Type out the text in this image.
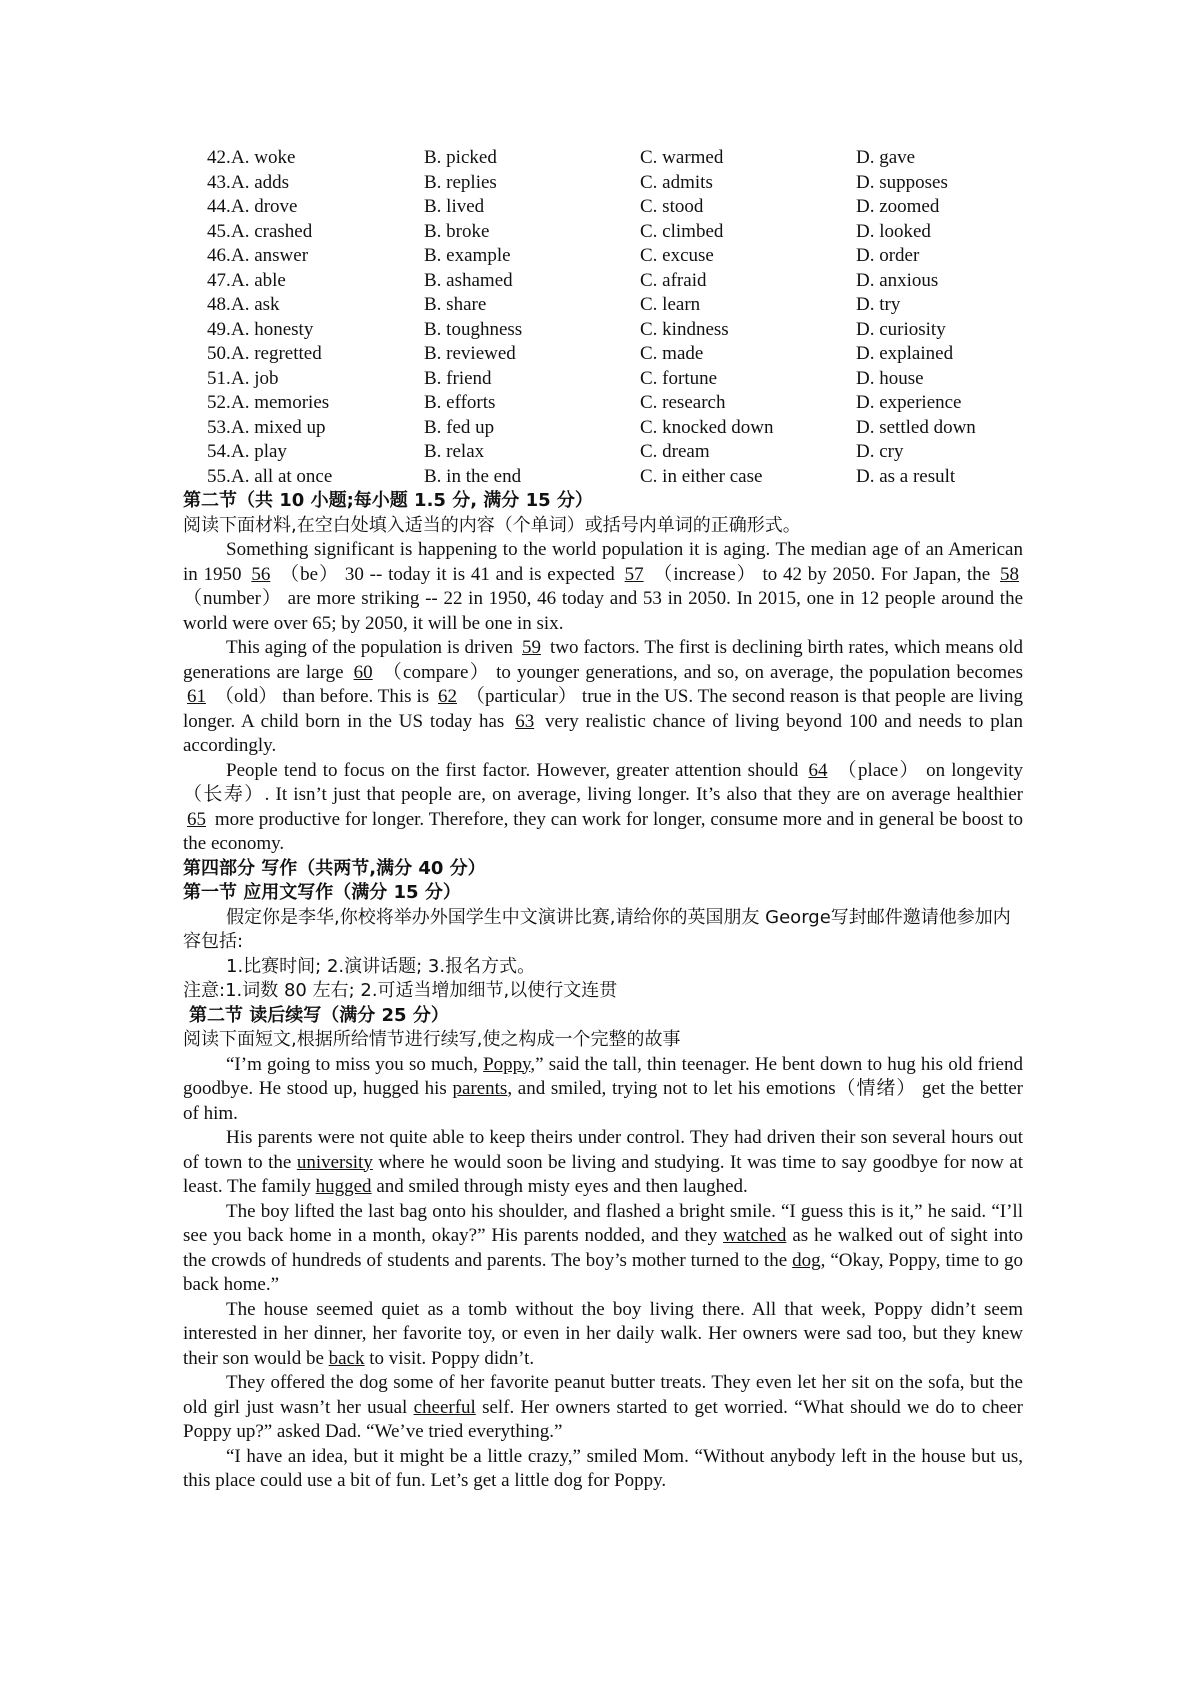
42. A. woke	B. picked	C. warmed	D. gave
43. A. adds	B. replies	C. admits	D. supposes
44. A. drove	B. lived	C. stood	D. zoomed
45. A. crashed	B. broke	C. climbed	D. looked
46. A. answer	B. example	C. excuse	D. order
47. A. able	B. ashamed	C. afraid	D. anxious
48. A. ask	B. share	C. learn	D. try
49. A. honesty	B. toughness	C. kindness	D. curiosity
50. A. regretted	B. reviewed	C. made	D. explained
51. A. job	B. friend	C. fortune	D. house
52. A. memories	B. efforts	C. research	D. experience
53. A. mixed up	B. fed up	C. knocked down	D. settled down
54. A. play	B. relax	C. dream	D. cry
55. A. all at once	B. in the end	C. in either case	D. as a result
第二节（共 10 小题;每小题 1.5 分, 满分 15 分）
阅读下面材料,在空白处填入适当的内容（个单词）或括号内单词的正确形式。
Something significant is happening to the world population it is aging. The median age of an American in 1950 56 （be） 30 -- today it is 41 and is expected 57 （increase） to 42 by 2050. For Japan, the 58 （number） are more striking -- 22 in 1950, 46 today and 53 in 2050. In 2015, one in 12 people around the world were over 65; by 2050, it will be one in six.
This aging of the population is driven 59 two factors. The first is declining birth rates, which means old generations are large 60 （compare） to younger generations, and so, on average, the population becomes 61 （old） than before. This is 62 （particular） true in the US. The second reason is that people are living longer. A child born in the US today has 63 very realistic chance of living beyond 100 and needs to plan accordingly.
People tend to focus on the first factor. However, greater attention should 64 （place） on longevity （长寿）. It isn’t just that people are, on average, living longer. It’s also that they are on average healthier 65 more productive for longer. Therefore, they can work for longer, consume more and in general be boost to the economy.
第四部分 写作（共两节,满分 40 分）
第一节 应用文写作（满分 15 分）
假定你是李华,你校将举办外国学生中文演讲比赛,请给你的英国朋友 George写封邮件邀请他参加内容包括:
1.比赛时间; 2.演讲话题; 3.报名方式。
注意:1.词数 80 左右; 2.可适当增加细节,以使行文连贯
第二节 读后续写（满分 25 分）
阅读下面短文,根据所给情节进行续写,使之构成一个完整的故事
“I’m going to miss you so much, Poppy,” said the tall, thin teenager. He bent down to hug his old friend goodbye. He stood up, hugged his parents, and smiled, trying not to let his emotions（情绪） get the better of him.
His parents were not quite able to keep theirs under control. They had driven their son several hours out of town to the university where he would soon be living and studying. It was time to say goodbye for now at least. The family hugged and smiled through misty eyes and then laughed.
The boy lifted the last bag onto his shoulder, and flashed a bright smile. “I guess this is it,” he said. “I’ll see you back home in a month, okay?” His parents nodded, and they watched as he walked out of sight into the crowds of hundreds of students and parents. The boy’s mother turned to the dog, “Okay, Poppy, time to go back home.”
The house seemed quiet as a tomb without the boy living there. All that week, Poppy didn’t seem interested in her dinner, her favorite toy, or even in her daily walk. Her owners were sad too, but they knew their son would be back to visit. Poppy didn’t.
They offered the dog some of her favorite peanut butter treats. They even let her sit on the sofa, but the old girl just wasn’t her usual cheerful self. Her owners started to get worried. “What should we do to cheer Poppy up?” asked Dad. “We’ve tried everything.”
“I have an idea, but it might be a little crazy,” smiled Mom. “Without anybody left in the house but us, this place could use a bit of fun. Let’s get a little dog for Poppy.
